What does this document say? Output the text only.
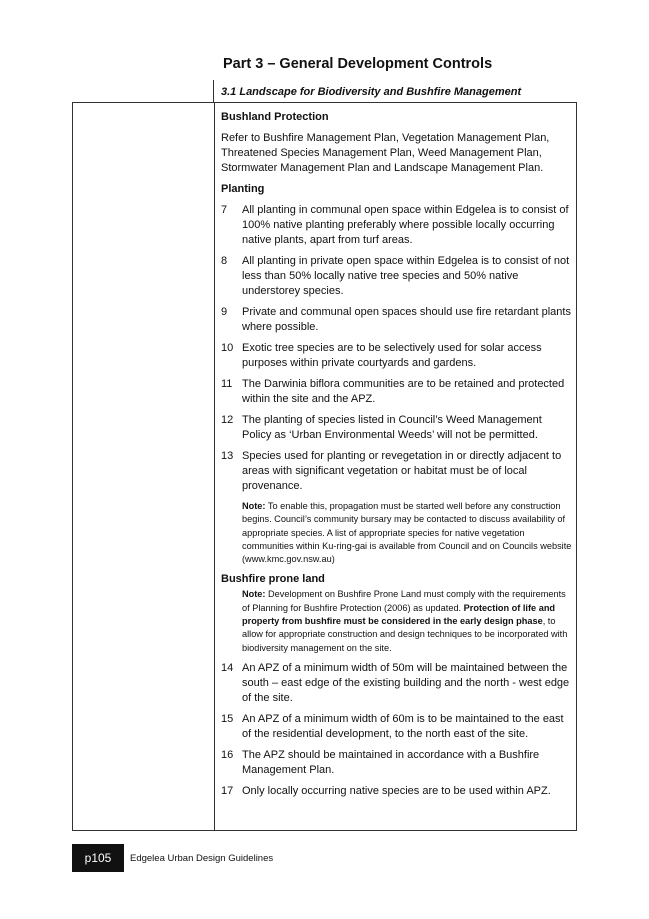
Part 3 – General Development Controls
3.1 Landscape for Biodiversity and Bushfire Management

Bushland Protection

Refer to Bushfire Management Plan, Vegetation Management Plan, Threatened Species Management Plan, Weed Management Plan, Stormwater Management Plan and Landscape Management Plan.

Planting

7	All planting in communal open space within Edgelea is to consist of 100% native planting preferably where possible locally occurring native plants, apart from turf areas.
8	All planting in private open space within Edgelea is to consist of not less than 50% locally native tree species and 50% native understorey species.
9	Private and communal open spaces should use fire retardant plants where possible.
10 Exotic tree species are to be selectively used for solar access purposes within private courtyards and gardens.
11 The Darwinia biflora communities are to be retained and protected within the site and the APZ.
12 The planting of species listed in Council’s Weed Management Policy as ‘Urban Environmental Weeds’ will not be permitted.
13 Species used for planting or revegetation in or directly adjacent to areas with significant vegetation or habitat must be of local provenance.

Note: To enable this, propagation must be started well before any construction begins. Council’s community bursary may be contacted to discuss availability of appropriate species. A list of appropriate species for native vegetation communities within Ku-ring-gai is available from Council and on Councils website (www.kmc.gov.nsw.au)

Bushfire prone land

Note: Development on Bushfire Prone Land must comply with the requirements of Planning for Bushfire Protection (2006) as updated. Protection of life and property from bushfire must be considered in the early design phase, to allow for appropriate construction and design techniques to be incorporated with biodiversity management on the site.

14 An APZ of a minimum width of 50m will be maintained between the south – east edge of the existing building and the north - west edge of the site.
15 An APZ of a minimum width of 60m is to be maintained to the east of the residential development, to the north east of the site.
16 The APZ should be maintained in accordance with a Bushfire Management Plan.
17 Only locally occurring native species are to be used within APZ.
p105	Edgelea Urban Design Guidelines
